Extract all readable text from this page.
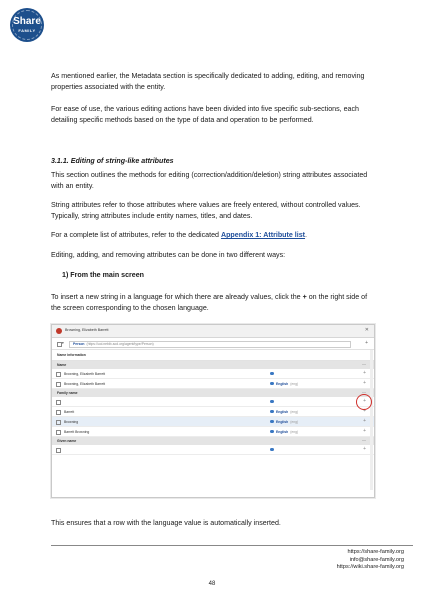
Share
FAMILY

As mentioned earlier, the Metadata section is specifically dedicated to adding, editing, and removing properties associated with the entity.

For ease of use, the various editing actions have been divided into five specific sub-sections, each detailing specific methods based on the type of data and operation to be performed.

3.1.1. Editing of string-like attributes

This section outlines the methods for editing (correction/addition/deletion) string attributes associated with an entity.

String attributes refer to those attributes where values are freely entered, without controlled values. Typically, string attributes include entity names, titles, and dates.

For a complete list of attributes, refer to the dedicated Appendix 1: Attribute list.

Editing, adding, and removing attributes can be done in two different ways:

1) From the main screen

To insert a new string in a language for which there are already values, click the + on the right side of the screen corresponding to the chosen language.

Browning, Elizabeth Barrett	✕
▾	Person (https://uoi.nebib-sod.org/agent/type/Person)	+
Name information
Name	—
Browning, Elizabeth Barrett	+
Browning, Elizabeth Barrett	English (eng)	+
Family name	—
+
Barrett	English (eng)	+
Browning	English (eng)	+
Barrett Browning	English (eng)	+
Given name	—
+

This ensures that a row with the language value is automatically inserted.

https://share-family.org
info@share-family.org
https://wiki.share-family.org
48
